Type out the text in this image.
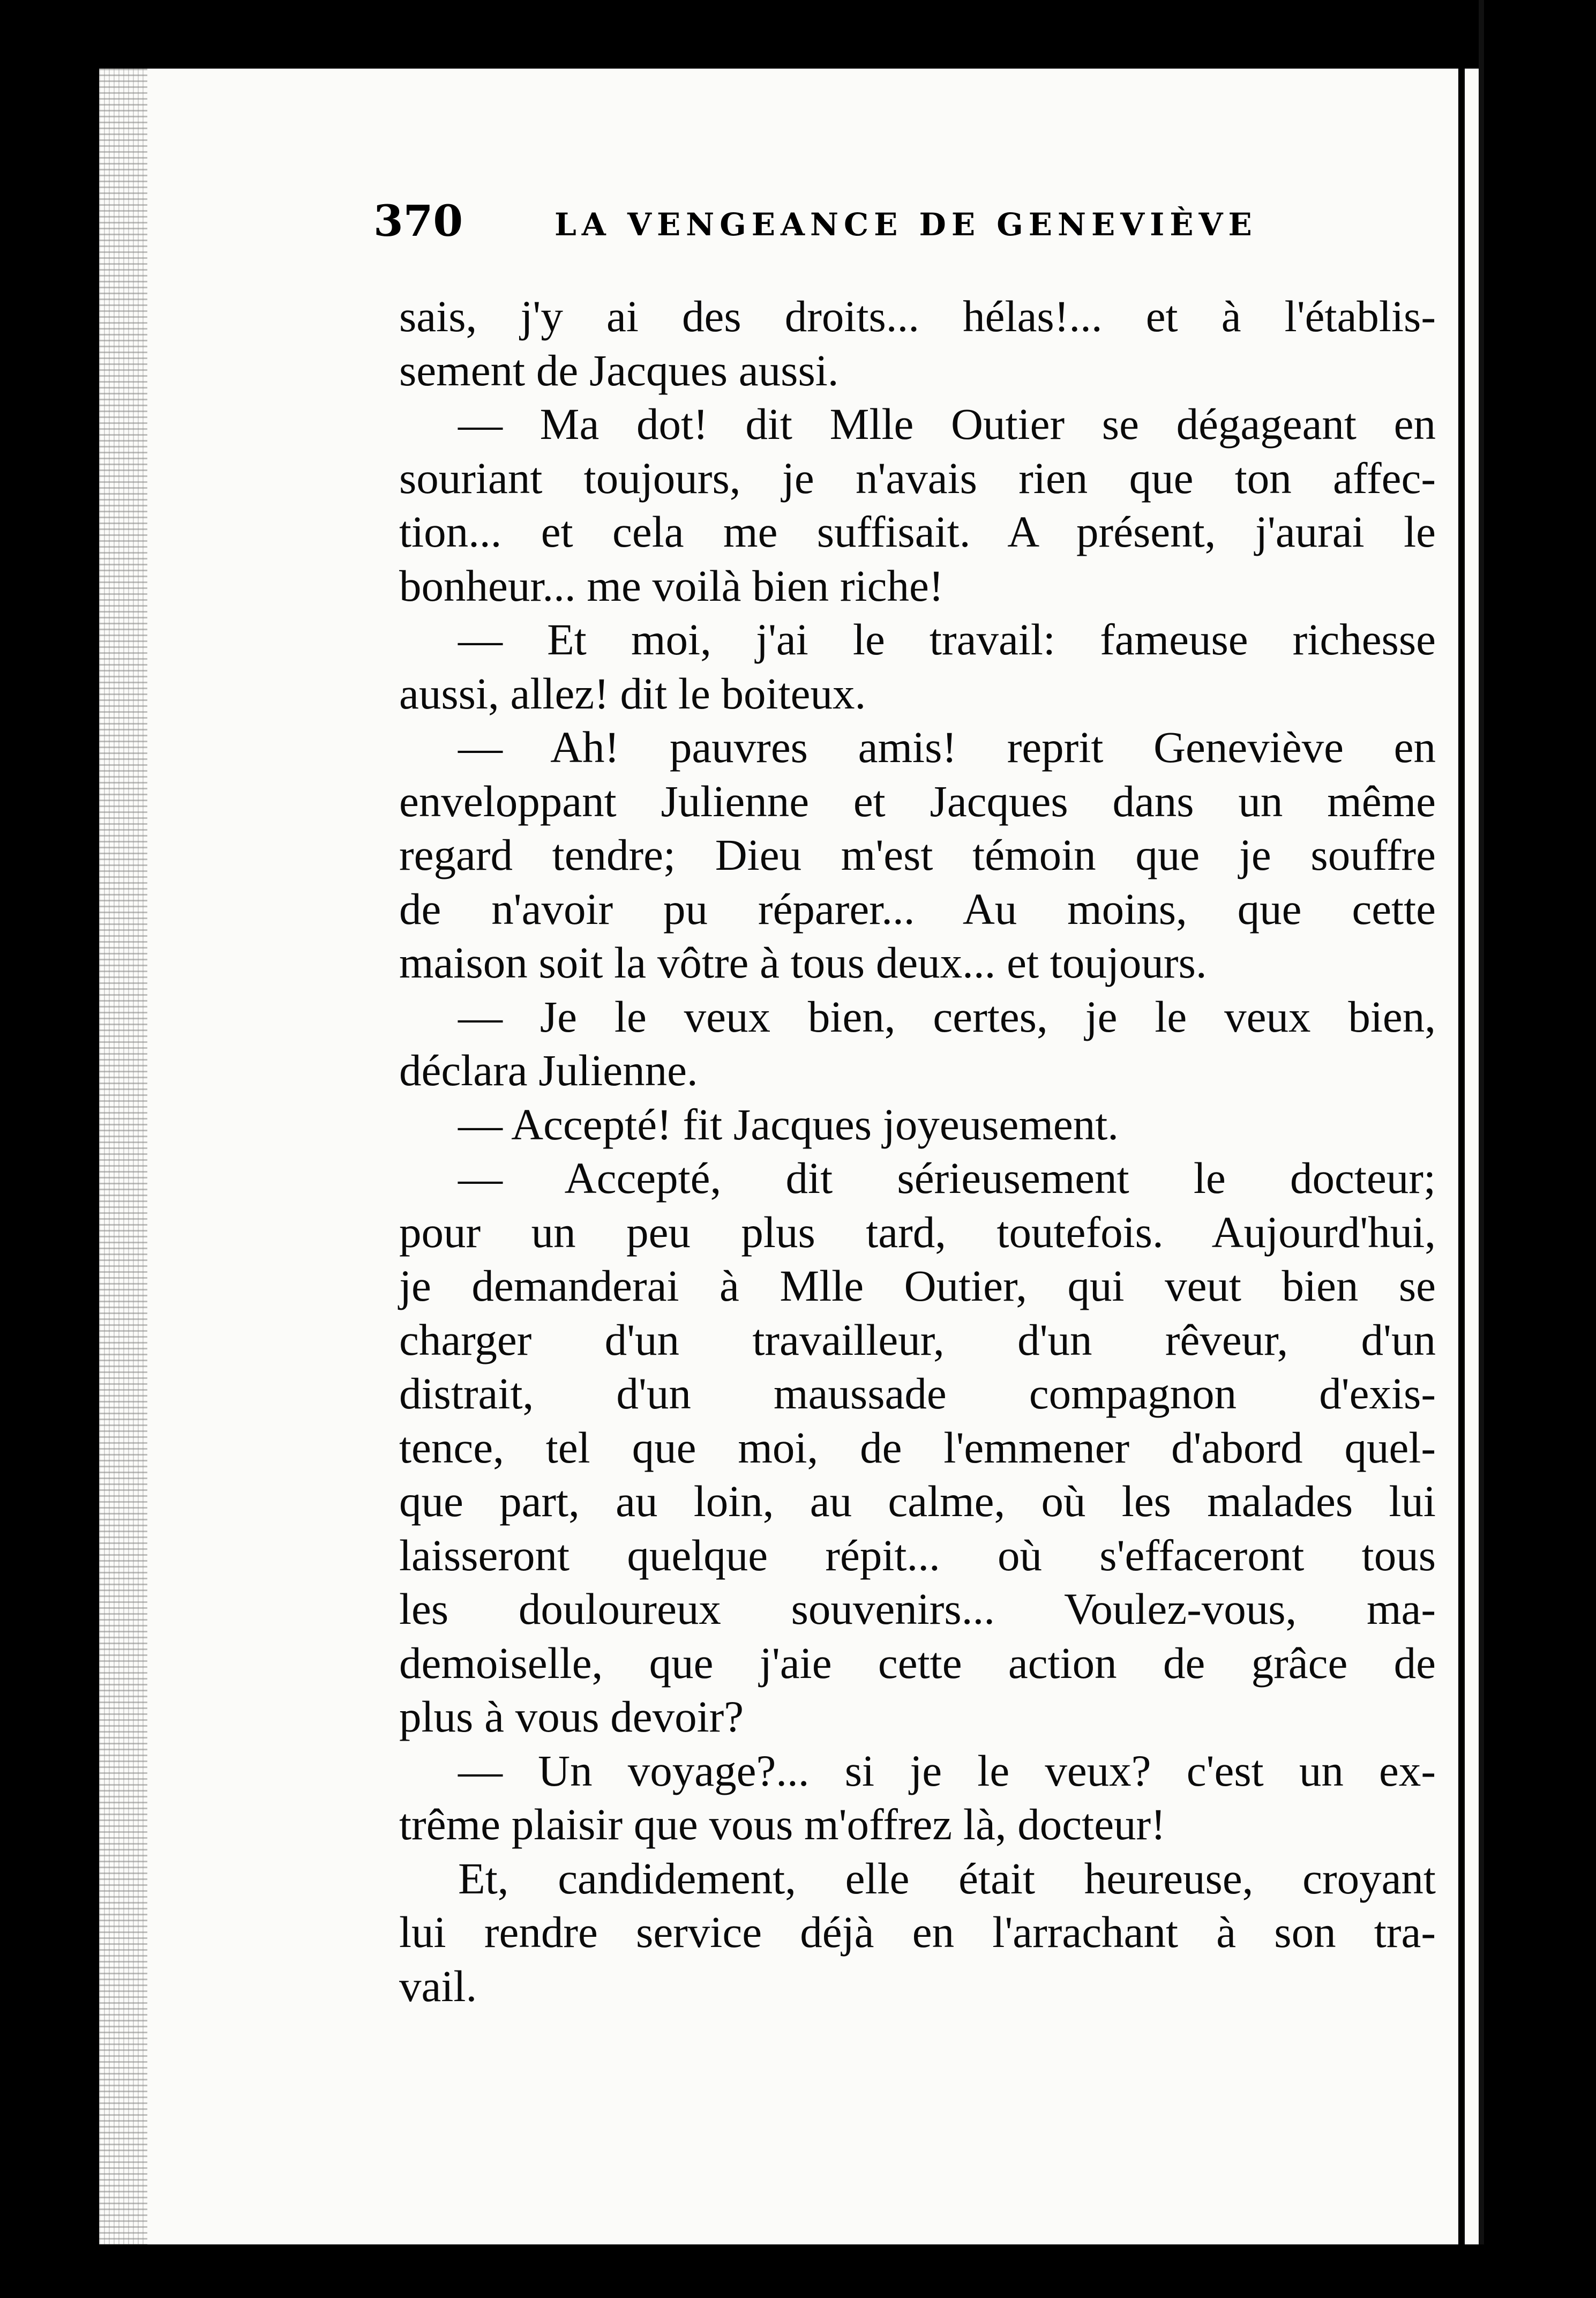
370	LA VENGEANCE DE GENEVIÈVE
sais, j'y ai des droits... hélas!... et à l'établis-
sement de Jacques aussi.
— Ma dot! dit Mlle Outier se dégageant en
souriant toujours, je n'avais rien que ton affec-
tion... et cela me suffisait. A présent, j'aurai le
bonheur... me voilà bien riche!
— Et moi, j'ai le travail: fameuse richesse
aussi, allez! dit le boiteux.
— Ah! pauvres amis! reprit Geneviève en
enveloppant Julienne et Jacques dans un même
regard tendre; Dieu m'est témoin que je souffre
de n'avoir pu réparer... Au moins, que cette
maison soit la vôtre à tous deux... et toujours.
— Je le veux bien, certes, je le veux bien,
déclara Julienne.
— Accepté! fit Jacques joyeusement.
— Accepté, dit sérieusement le docteur;
pour un peu plus tard, toutefois. Aujourd'hui,
je demanderai à Mlle Outier, qui veut bien se
charger d'un travailleur, d'un rêveur, d'un
distrait, d'un maussade compagnon d'exis-
tence, tel que moi, de l'emmener d'abord quel-
que part, au loin, au calme, où les malades lui
laisseront quelque répit... où s'effaceront tous
les douloureux souvenirs... Voulez-vous, ma-
demoiselle, que j'aie cette action de grâce de
plus à vous devoir?
— Un voyage?... si je le veux? c'est un ex-
trême plaisir que vous m'offrez là, docteur!
Et, candidement, elle était heureuse, croyant
lui rendre service déjà en l'arrachant à son tra-
vail.
